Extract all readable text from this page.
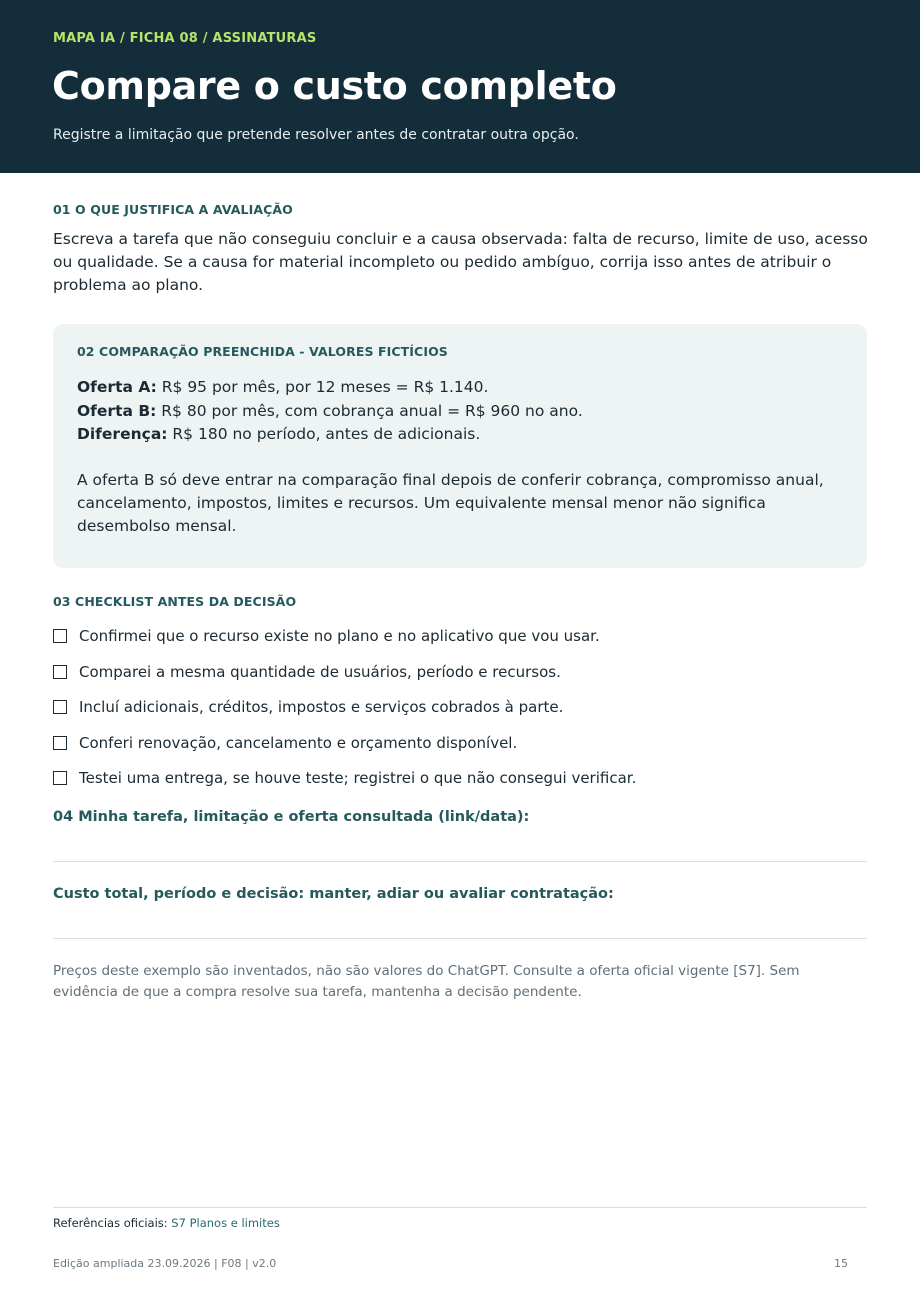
MAPA IA / FICHA 08 / ASSINATURAS
Compare o custo completo
Registre a limitação que pretende resolver antes de contratar outra opção.
01 O QUE JUSTIFICA A AVALIAÇÃO
Escreva a tarefa que não conseguiu concluir e a causa observada: falta de recurso, limite de uso, acesso ou qualidade. Se a causa for material incompleto ou pedido ambíguo, corrija isso antes de atribuir o problema ao plano.
02 COMPARAÇÃO PREENCHIDA - VALORES FICTÍCIOS
Oferta A: R$ 95 por mês, por 12 meses = R$ 1.140.
Oferta B: R$ 80 por mês, com cobrança anual = R$ 960 no ano.
Diferença: R$ 180 no período, antes de adicionais.
A oferta B só deve entrar na comparação final depois de conferir cobrança, compromisso anual, cancelamento, impostos, limites e recursos. Um equivalente mensal menor não significa desembolso mensal.
03 CHECKLIST ANTES DA DECISÃO
Confirmei que o recurso existe no plano e no aplicativo que vou usar.
Comparei a mesma quantidade de usuários, período e recursos.
Incluí adicionais, créditos, impostos e serviços cobrados à parte.
Conferi renovação, cancelamento e orçamento disponível.
Testei uma entrega, se houve teste; registrei o que não consegui verificar.
04 Minha tarefa, limitação e oferta consultada (link/data):
Custo total, período e decisão: manter, adiar ou avaliar contratação:
Preços deste exemplo são inventados, não são valores do ChatGPT. Consulte a oferta oficial vigente [S7]. Sem evidência de que a compra resolve sua tarefa, mantenha a decisão pendente.
Referências oficiais: S7 Planos e limites
Edição ampliada 23.09.2026 | F08 | v2.0	15
